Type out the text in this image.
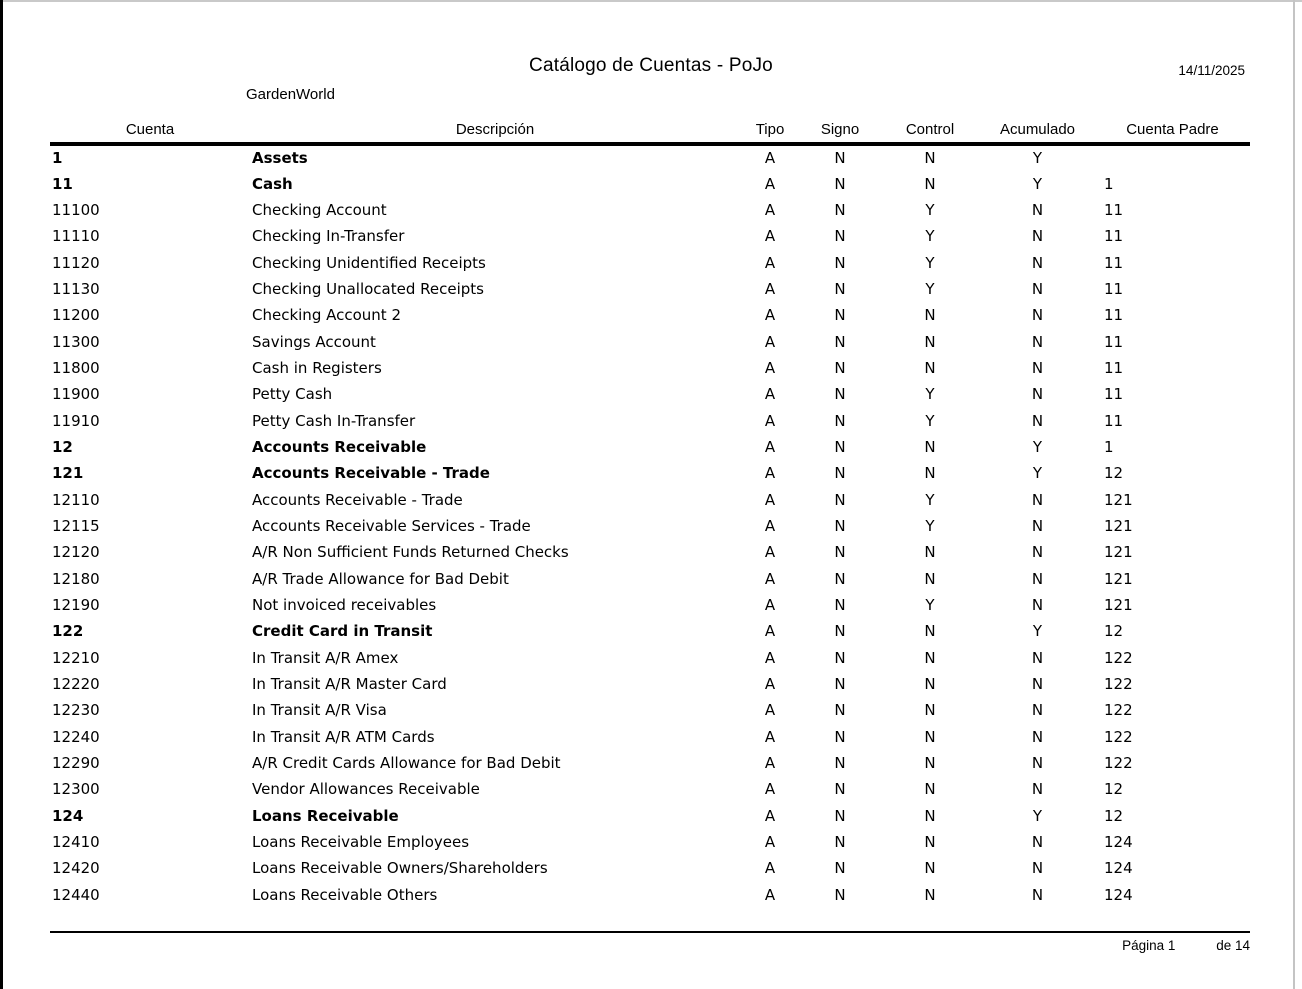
Catálogo de Cuentas - PoJo	14/11/2025
GardenWorld
Cuenta	Descripción	Tipo	Signo	Control	Acumulado	Cuenta Padre
1	Assets	A	N	N	Y	
11	Cash	A	N	N	Y	1
11100	Checking Account	A	N	Y	N	11
11110	Checking In-Transfer	A	N	Y	N	11
11120	Checking Unidentified Receipts	A	N	Y	N	11
11130	Checking Unallocated Receipts	A	N	Y	N	11
11200	Checking Account 2	A	N	N	N	11
11300	Savings Account	A	N	N	N	11
11800	Cash in Registers	A	N	N	N	11
11900	Petty Cash	A	N	Y	N	11
11910	Petty Cash In-Transfer	A	N	Y	N	11
12	Accounts Receivable	A	N	N	Y	1
121	Accounts Receivable - Trade	A	N	N	Y	12
12110	Accounts Receivable - Trade	A	N	Y	N	121
12115	Accounts Receivable Services - Trade	A	N	Y	N	121
12120	A/R Non Sufficient Funds Returned Checks	A	N	N	N	121
12180	A/R Trade Allowance for Bad Debit	A	N	N	N	121
12190	Not invoiced receivables	A	N	Y	N	121
122	Credit Card in Transit	A	N	N	Y	12
12210	In Transit A/R Amex	A	N	N	N	122
12220	In Transit A/R Master Card	A	N	N	N	122
12230	In Transit A/R Visa	A	N	N	N	122
12240	In Transit A/R ATM Cards	A	N	N	N	122
12290	A/R Credit Cards Allowance for Bad Debit	A	N	N	N	122
12300	Vendor Allowances Receivable	A	N	N	N	12
124	Loans Receivable	A	N	N	Y	12
12410	Loans Receivable Employees	A	N	N	N	124
12420	Loans Receivable Owners/Shareholders	A	N	N	N	124
12440	Loans Receivable Others	A	N	N	N	124
Página 1	de 14
